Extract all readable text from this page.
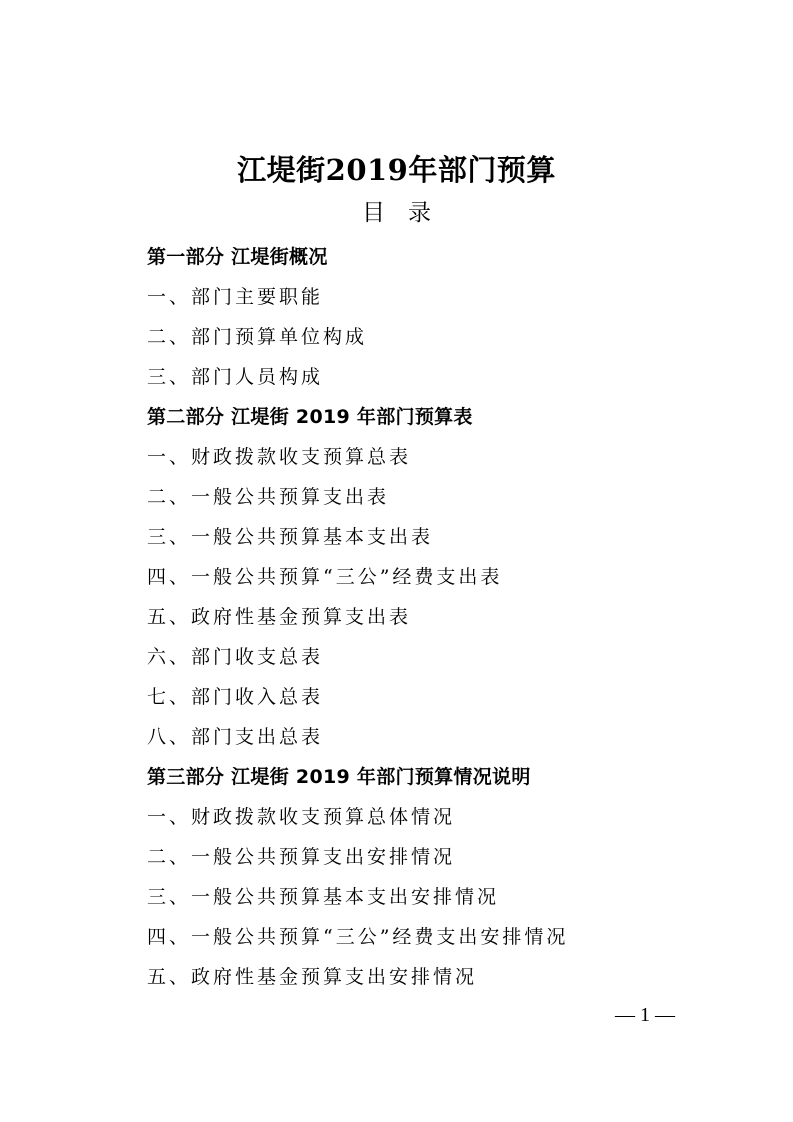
江堤街2019年部门预算
目　录
第一部分 江堤街概况
一、部门主要职能
二、部门预算单位构成
三、部门人员构成
第二部分 江堤街 2019 年部门预算表
一、财政拨款收支预算总表
二、一般公共预算支出表
三、一般公共预算基本支出表
四、一般公共预算“三公”经费支出表
五、政府性基金预算支出表
六、部门收支总表
七、部门收入总表
八、部门支出总表
第三部分 江堤街 2019 年部门预算情况说明
一、财政拨款收支预算总体情况
二、一般公共预算支出安排情况
三、一般公共预算基本支出安排情况
四、一般公共预算“三公”经费支出安排情况
五、政府性基金预算支出安排情况
— 1 —
